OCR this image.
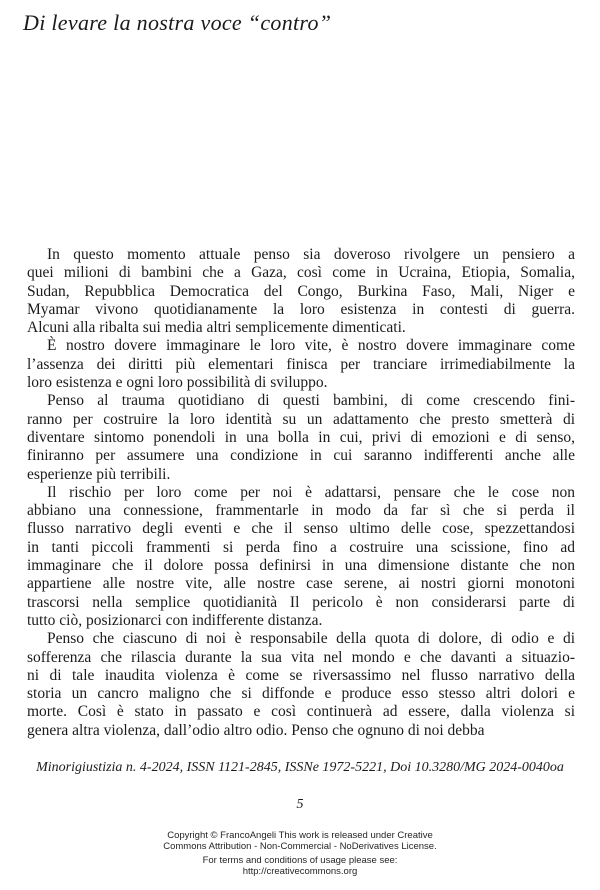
Di levare la nostra voce “contro”
In questo momento attuale penso sia doveroso rivolgere un pensiero a
quei milioni di bambini che a Gaza, così come in Ucraina, Etiopia, Somalia,
Sudan, Repubblica Democratica del Congo, Burkina Faso, Mali, Niger e
Myamar vivono quotidianamente la loro esistenza in contesti di guerra.
Alcuni alla ribalta sui media altri semplicemente dimenticati.
È nostro dovere immaginare le loro vite, è nostro dovere immaginare come
l’assenza dei diritti più elementari finisca per tranciare irrimediabilmente la
loro esistenza e ogni loro possibilità di sviluppo.
Penso al trauma quotidiano di questi bambini, di come crescendo fini-
ranno per costruire la loro identità su un adattamento che presto smetterà di
diventare sintomo ponendoli in una bolla in cui, privi di emozioni e di senso,
finiranno per assumere una condizione in cui saranno indifferenti anche alle
esperienze più terribili.
Il rischio per loro come per noi è adattarsi, pensare che le cose non
abbiano una connessione, frammentarle in modo da far sì che si perda il
flusso narrativo degli eventi e che il senso ultimo delle cose, spezzettandosi
in tanti piccoli frammenti si perda fino a costruire una scissione, fino ad
immaginare che il dolore possa definirsi in una dimensione distante che non
appartiene alle nostre vite, alle nostre case serene, ai nostri giorni monotoni
trascorsi nella semplice quotidianità Il pericolo è non considerarsi parte di
tutto ciò, posizionarci con indifferente distanza.
Penso che ciascuno di noi è responsabile della quota di dolore, di odio e di
sofferenza che rilascia durante la sua vita nel mondo e che davanti a situazio-
ni di tale inaudita violenza è come se riversassimo nel flusso narrativo della
storia un cancro maligno che si diffonde e produce esso stesso altri dolori e
morte. Così è stato in passato e così continuerà ad essere, dalla violenza si
genera altra violenza, dall’odio altro odio. Penso che ognuno di noi debba
Minorigiustizia n. 4-2024, ISSN 1121-2845, ISSNe 1972-5221, Doi 10.3280/MG 2024-0040oa
5
Copyright © FrancoAngeli This work is released under Creative
Commons Attribution - Non-Commercial - NoDerivatives License.
For terms and conditions of usage please see:
http://creativecommons.org
